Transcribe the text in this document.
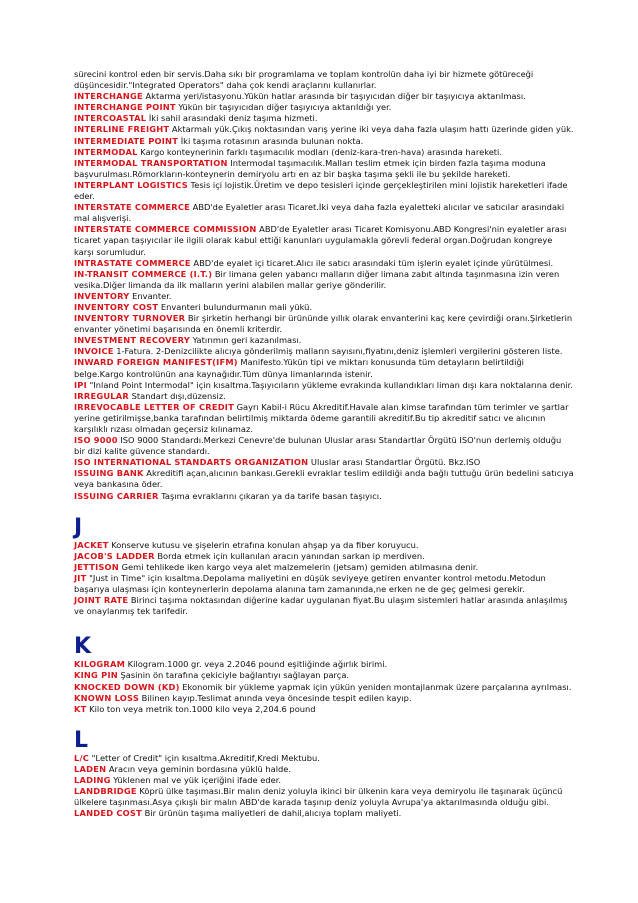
sürecini kontrol eden bir servis.Daha sıkı bir programlama ve toplam kontrolün daha iyi bir hizmete götüreceği düşüncesidir."Integrated Operators" daha çok kendi araçlarını kullanırlar.

INTERCHANGE Aktarma yeri/istasyonu.Yükün hatlar arasında bir taşıyıcıdan diğer bir taşıyıcıya aktarılması.

INTERCHANGE POINT Yükün bir taşıyıcıdan diğer taşıyıcıya aktarıldığı yer.

INTERCOASTAL İki sahil arasındaki deniz taşıma hizmeti.

INTERLINE FREIGHT Aktarmalı yük.Çıkış noktasından varış yerine iki veya daha fazla ulaşım hattı üzerinde giden yük.

INTERMEDIATE POINT İki taşıma rotasının arasında bulunan nokta.

INTERMODAL Kargo konteynerinin farklı taşımacılık modları (deniz-kara-tren-hava) arasında hareketi.

INTERMODAL TRANSPORTATION Intermodal taşımacılık.Malları teslim etmek için birden fazla taşıma moduna başvurulması.Römorkların-konteynerin demiryolu artı en az bir başka taşıma şekli ile bu şekilde hareketi.

INTERPLANT LOGISTICS Tesis içi lojistik.Üretim ve depo tesisleri içinde gerçekleştirilen mini lojistik hareketleri ifade eder.

INTERSTATE COMMERCE ABD'de Eyaletler arası Ticaret.İki veya daha fazla eyaletteki alıcılar ve satıcılar arasındaki mal alışverişi.

INTERSTATE COMMERCE COMMISSION ABD'de Eyaletler arası Ticaret Komisyonu.ABD Kongresi'nin eyaletler arası ticaret yapan taşıyıcılar ile ilgili olarak kabul ettiği kanunları uygulamakla görevli federal organ.Doğrudan kongreye karşı sorumludur.

INTRASTATE COMMERCE ABD'de eyalet içi ticaret.Alıcı ile satıcı arasındaki tüm işlerin eyalet içinde yürütülmesi.

IN-TRANSIT COMMERCE (I.T.) Bir limana gelen yabancı malların diğer limana zabıt altında taşınmasına izin veren vesika.Diğer limanda da ilk malların yerini alabilen mallar geriye gönderilir.

INVENTORY Envanter.

INVENTORY COST Envanteri bulundurmanın mali yükü.

INVENTORY TURNOVER Bir şirketin herhangi bir ürününde yıllık olarak envanterini kaç kere çevirdiği oranı.Şirketlerin envanter yönetimi başarısında en önemli kriterdir.

INVESTMENT RECOVERY Yatırımın geri kazanılması.

INVOICE 1-Fatura. 2-Denizcilikte alıcıya gönderilmiş malların sayısını,fiyatını,deniz işlemleri vergilerini gösteren liste.

INWARD FOREIGN MANIFEST(IFM) Manifesto.Yükün tipi ve miktarı konusunda tüm detayların belirtildiği belge.Kargo kontrolünün ana kaynağıdır.Tüm dünya limanlarında istenir.

IPI "Inland Point Intermodal" için kısaltma.Taşıyıcıların yükleme evrakında kullandıkları liman dışı kara noktalarına denir.

IRREGULAR Standart dışı,düzensiz.

IRREVOCABLE LETTER OF CREDIT Gayrı Kabil-i Rücu Akreditif.Havale alan kimse tarafından tüm terimler ve şartlar yerine getirilmişse,banka tarafından belirtilmiş miktarda ödeme garantili akreditif.Bu tip akreditif satıcı ve alıcının karşılıklı rızası olmadan geçersiz kılınamaz.

ISO 9000 ISO 9000 Standardı.Merkezi Cenevre'de bulunan Uluslar arası Standartlar Örgütü ISO'nun derlemiş olduğu bir dizi kalite güvence standardı.

ISO INTERNATIONAL STANDARTS ORGANIZATION Uluslar arası Standartlar Örgütü. Bkz.ISO

ISSUING BANK Akreditifi açan,alıcının bankası.Gerekli evraklar teslim edildiği anda bağlı tuttuğu ürün bedelini satıcıya veya bankasına öder.

ISSUING CARRIER Taşıma evraklarını çıkaran ya da tarife basan taşıyıcı.

J

JACKET Konserve kutusu ve şişelerin etrafına konulan ahşap ya da fiber koruyucu.

JACOB'S LADDER Borda etmek için kullanılan aracın yanından sarkan ip merdiven.

JETTISON Gemi tehlikede iken kargo veya alet malzemelerin (jetsam) gemiden atılmasına denir.

JIT "Just in Time" için kısaltma.Depolama maliyetini en düşük seviyeye getiren envanter kontrol metodu.Metodun başarıya ulaşması için konteynerlerin depolama alanına tam zamanında,ne erken ne de geç gelmesi gerekir.

JOINT RATE Birinci taşıma noktasından diğerine kadar uygulanan fiyat.Bu ulaşım sistemleri hatlar arasında anlaşılmış ve onaylanmış tek tarifedir.

K

KILOGRAM Kilogram.1000 gr. veya 2.2046 pound eşitliğinde ağırlık birimi.

KING PIN Şasinin ön tarafına çekiciyle bağlantıyı sağlayan parça.

KNOCKED DOWN (KD) Ekonomik bir yükleme yapmak için yükün yeniden montajlanmak üzere parçalarına ayrılması.

KNOWN LOSS Bilinen kayıp.Teslimat anında veya öncesinde tespit edilen kayıp.

KT Kilo ton veya metrik ton.1000 kilo veya 2,204.6 pound

L

L/C "Letter of Credit" için kısaltma.Akreditif,Kredi Mektubu.

LADEN Aracın veya geminin bordasına yüklü halde.

LADING Yüklenen mal ve yük içeriğini ifade eder.

LANDBRIDGE Köprü ülke taşıması.Bir malın deniz yoluyla ikinci bir ülkenin kara veya demiryolu ile taşınarak üçüncü ülkelere taşınması.Asya çıkışlı bir malın ABD'de karada taşınıp deniz yoluyla Avrupa'ya aktarılmasında olduğu gibi.

LANDED COST Bir ürünün taşıma maliyetleri de dahil,alıcıya toplam maliyeti.
